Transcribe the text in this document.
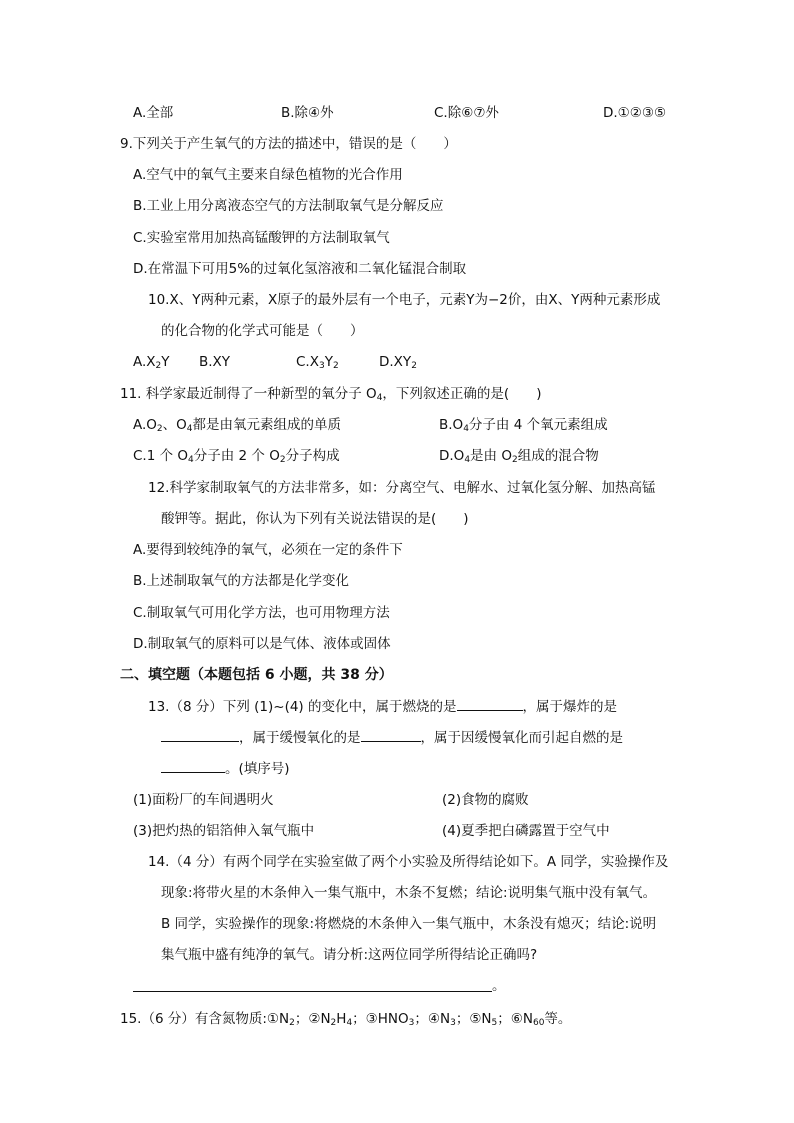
A.全部	B.除④外	C.除⑥⑦外	D.①②③⑤
9.下列关于产生氧气的方法的描述中，错误的是（　　）
A.空气中的氧气主要来自绿色植物的光合作用
B.工业上用分离液态空气的方法制取氧气是分解反应
C.实验室常用加热高锰酸钾的方法制取氧气
D.在常温下可用5%的过氧化氢溶液和二氧化锰混合制取
10.X、Y两种元素，X原子的最外层有一个电子，元素Y为−2价，由X、Y两种元素形成
的化合物的化学式可能是（　　）
$A.X_2Y$ B.XY	$C.X_3Y_2$	$D.XY_2$
11. 科学家最近制得了一种新型的氧分子 $O_4$，下列叙述正确的是(　　)
$A.O_2$、$O_4$都是由氧元素组成的单质	$B.O_4$分子由 4 个氧元素组成
C.1 个 $O_4$分子由 2 个 $O_2$分子构成	$D.O_4$是由 $O_2$组成的混合物
12.科学家制取氧气的方法非常多，如：分离空气、电解水、过氧化氢分解、加热高锰
酸钾等。据此，你认为下列有关说法错误的是(　　)
A.要得到较纯净的氧气，必须在一定的条件下
B.上述制取氧气的方法都是化学变化
C.制取氧气可用化学方法，也可用物理方法
D.制取氧气的原料可以是气体、液体或固体
二、填空题（本题包括 6 小题，共 38 分）
13.（8 分）下列 (1)~(4) 的变化中，属于燃烧的是	，属于爆炸的是
，属于缓慢氧化的是	，属于因缓慢氧化而引起自燃的是
。(填序号)
(1)面粉厂的车间遇明火	(2)食物的腐败
(3)把灼热的铝箔伸入氧气瓶中	(4)夏季把白磷露置于空气中
14.（4 分）有两个同学在实验室做了两个小实验及所得结论如下。A 同学，实验操作及
现象:将带火星的木条伸入一集气瓶中，木条不复燃；结论:说明集气瓶中没有氧气。
B 同学，实验操作的现象:将燃烧的木条伸入一集气瓶中，木条没有熄灭；结论:说明
集气瓶中盛有纯净的氧气。请分析:这两位同学所得结论正确吗?
。
15.（6 分）有含氮物质$:①N_2$；$②N_2H_4$；$③HNO_3$；$④N_3$；$⑤N_5$；$⑥N_{60}$等。
